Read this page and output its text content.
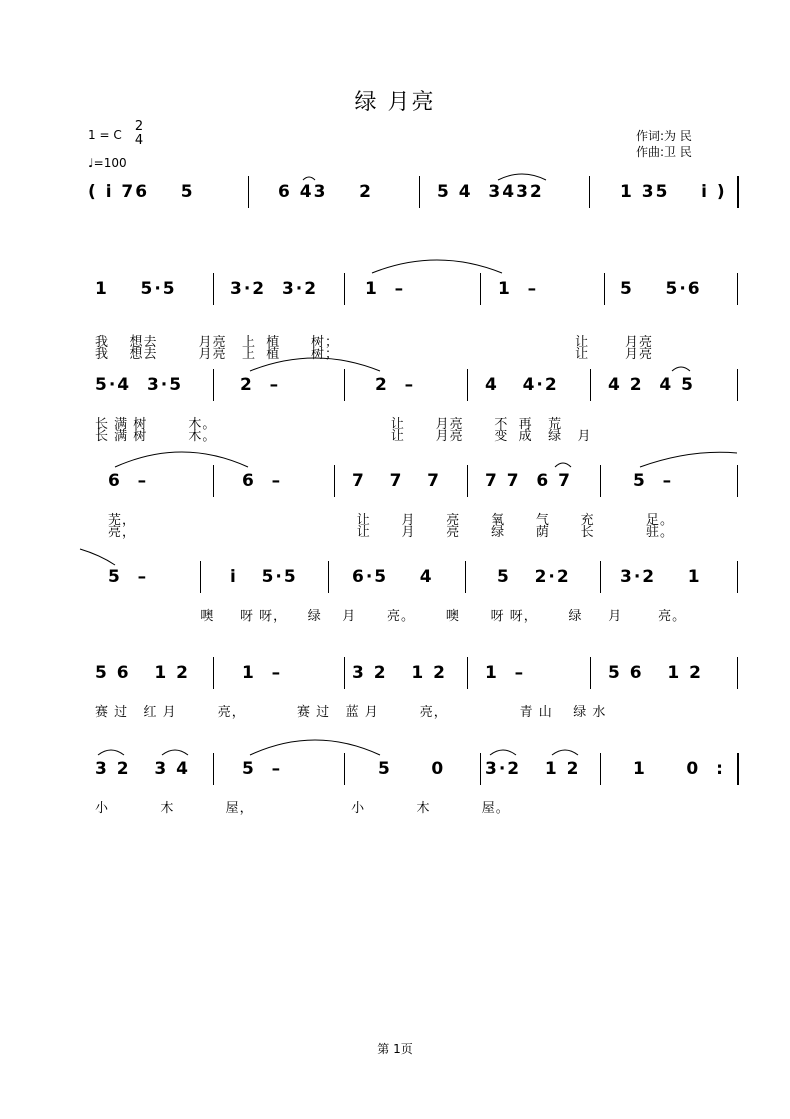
绿 月亮
1 = C
2
4
♩=100
作词:为 民
作曲:卫 民
( i̇ 76    5	6 43    2	5 4  3432	1 35    i̇ )
1    5·5	3·2  3·2	1  –	1  –	5    5·6
我    想去        月亮   上  植      树；                                              让       月亮
我    想去        月亮   上  植      树；                                              让       月亮
5·4  3·5	2  –	2  –	4   4·2	4 2  4 5
长 满 树        木。                                  让      月亮      不  再   荒
长 满 树        木。                                  让      月亮      变  成   绿   月
6  –	6  –	7   7   7	7 7  6 7	5  –
芜，                                           让      月      亮      氧      气      充          足。
亮，                                           让      月      亮      绿      荫      长          驻。
5  –	i̇   5·5	6·5    4	5   2·2	3·2    1
噢     呀 呀，    绿    月      亮。      噢      呀 呀，      绿     月       亮。
5 6   1 2	1  –	3 2   1 2 1  –	5 6   1 2
赛 过   红 月        亮，          赛 过   蓝 月        亮，              青 山    绿 水
3 2   3 4	5  –	5     0 3·2   1 2	1     0  :
小          木          屋，                   小          木          屋。
第 1页
